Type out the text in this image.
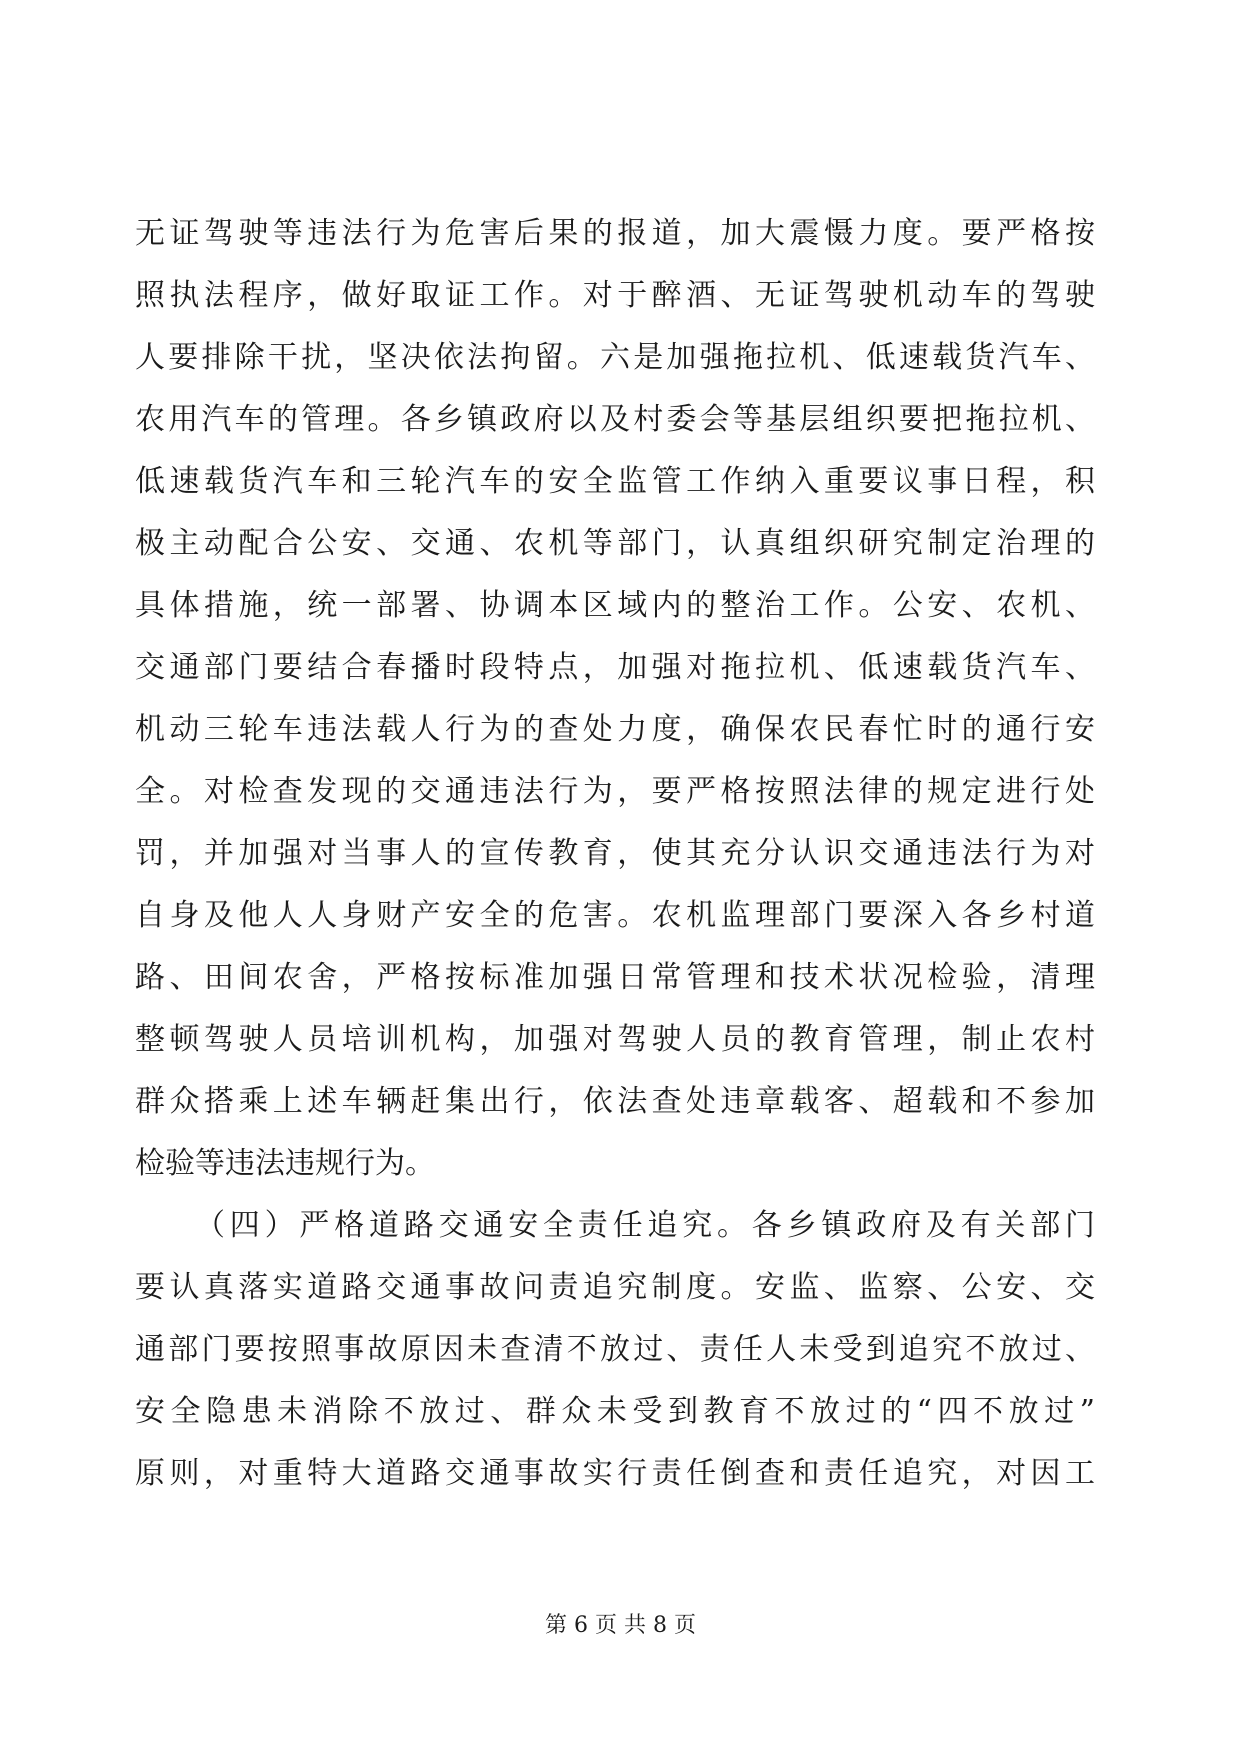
无证驾驶等违法行为危害后果的报道，加大震慑力度。要严格按
照执法程序，做好取证工作。对于醉酒、无证驾驶机动车的驾驶
人要排除干扰，坚决依法拘留。六是加强拖拉机、低速载货汽车、
农用汽车的管理。各乡镇政府以及村委会等基层组织要把拖拉机、
低速载货汽车和三轮汽车的安全监管工作纳入重要议事日程，积
极主动配合公安、交通、农机等部门，认真组织研究制定治理的
具体措施，统一部署、协调本区域内的整治工作。公安、农机、
交通部门要结合春播时段特点，加强对拖拉机、低速载货汽车、
机动三轮车违法载人行为的查处力度，确保农民春忙时的通行安
全。对检查发现的交通违法行为，要严格按照法律的规定进行处
罚，并加强对当事人的宣传教育，使其充分认识交通违法行为对
自身及他人人身财产安全的危害。农机监理部门要深入各乡村道
路、田间农舍，严格按标准加强日常管理和技术状况检验，清理
整顿驾驶人员培训机构，加强对驾驶人员的教育管理，制止农村
群众搭乘上述车辆赶集出行，依法查处违章载客、超载和不参加
检验等违法违规行为。
（四）严格道路交通安全责任追究。各乡镇政府及有关部门
要认真落实道路交通事故问责追究制度。安监、监察、公安、交
通部门要按照事故原因未查清不放过、责任人未受到追究不放过、
安全隐患未消除不放过、群众未受到教育不放过的“四不放过”
原则，对重特大道路交通事故实行责任倒查和责任追究，对因工
第 6 页 共 8 页
